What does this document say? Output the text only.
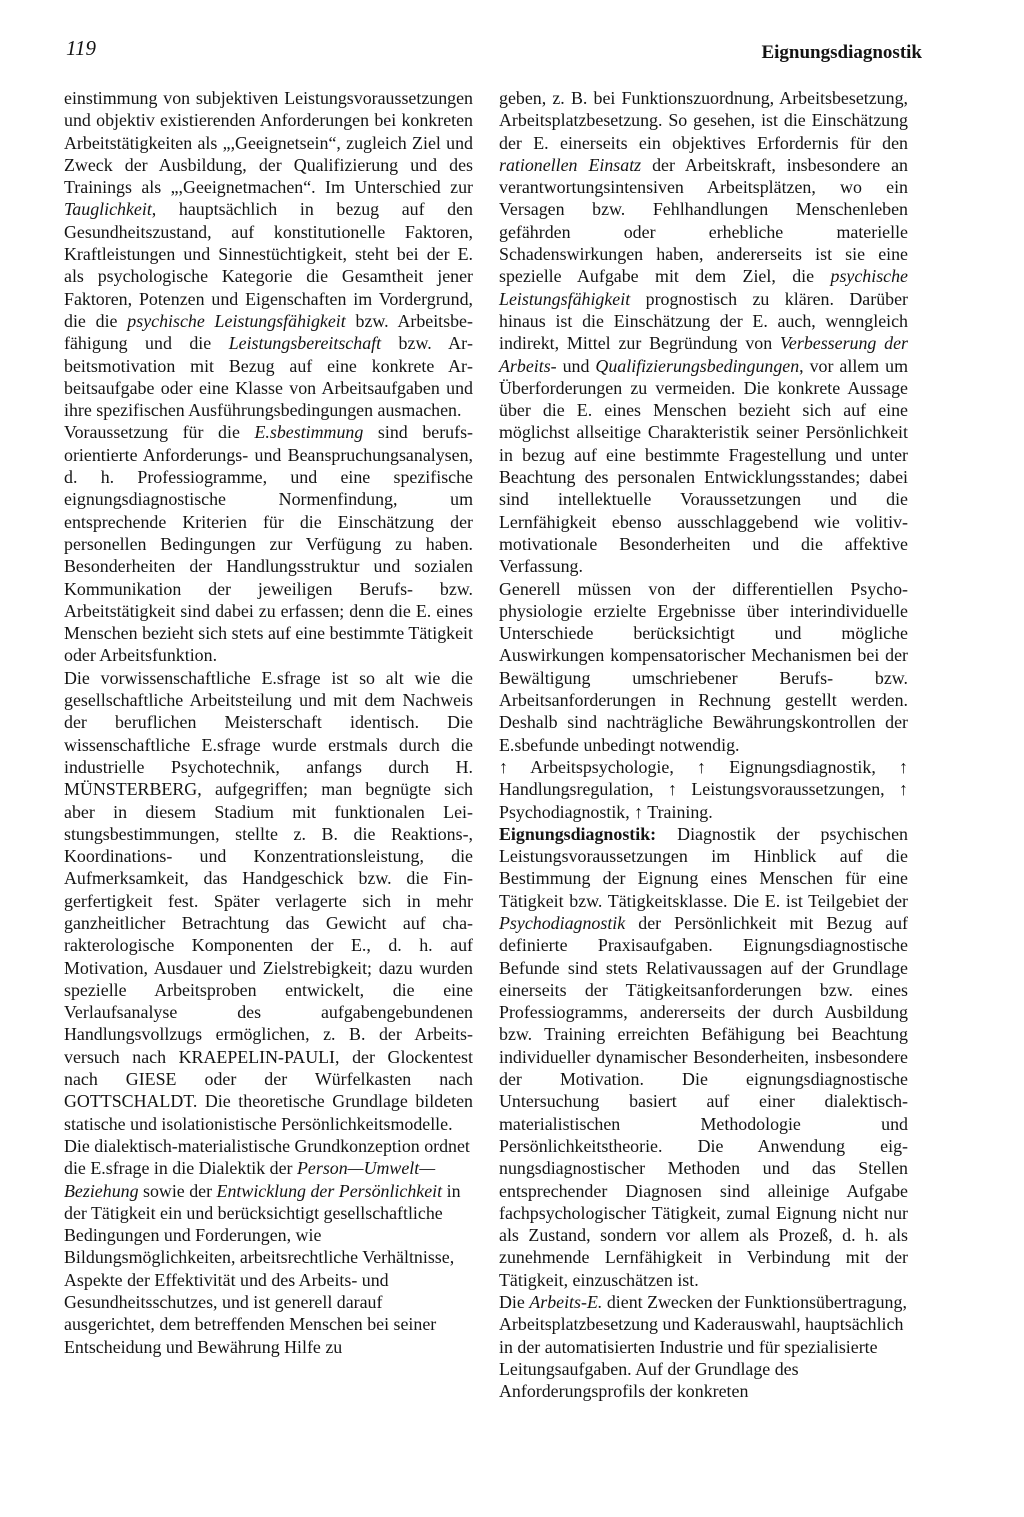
119	Eignungsdiagnostik

einstimmung von subjektiven Leistungsvoraussetzungen und objektiv existierenden Anforderungen bei konkreten Arbeitstätigkeiten als „,Geeignetsein“, zugleich Ziel und Zweck der Ausbildung, der Qualifizierung und des Trainings als „,Geeignetmachen“. Im Unterschied zur Tauglichkeit, hauptsächlich in bezug auf den Gesundheitszustand, auf konstitutionelle Faktoren, Kraftleistungen und Sinnestüchtigkeit, steht bei der E. als psychologische Kategorie die Gesamtheit jener Faktoren, Potenzen und Eigenschaften im Vordergrund, die die psychische Leistungsfähigkeit bzw. Arbeitsbefähigung und die Leistungsbereitschaft bzw. Arbeitsmotivation mit Bezug auf eine konkrete Arbeitsaufgabe oder eine Klasse von Arbeitsaufgaben und ihre spezifischen Ausführungsbedingungen ausmachen.

Voraussetzung für die E.sbestimmung sind berufsorientierte Anforderungs- und Beanspruchungsanalysen, d. h. Professiogramme, und eine spezifische eignungsdiagnostische Normenfindung, um entsprechende Kriterien für die Einschätzung der personellen Bedingungen zur Verfügung zu haben. Besonderheiten der Handlungsstruktur und sozialen Kommunikation der jeweiligen Berufs- bzw. Arbeitstätigkeit sind dabei zu erfassen; denn die E. eines Menschen bezieht sich stets auf eine bestimmte Tätigkeit oder Arbeitsfunktion.

Die vorwissenschaftliche E.sfrage ist so alt wie die gesellschaftliche Arbeitsteilung und mit dem Nachweis der beruflichen Meisterschaft identisch. Die wissenschaftliche E.sfrage wurde erstmals durch die industrielle Psychotechnik, anfangs durch H. MÜNSTERBERG, aufgegriffen; man begnügte sich aber in diesem Stadium mit funktionalen Leistungsbestimmungen, stellte z. B. die Reaktions-, Koordinations- und Konzentrationsleistung, die Aufmerksamkeit, das Handgeschick bzw. die Fingerfertigkeit fest. Später verlagerte sich in mehr ganzheitlicher Betrachtung das Gewicht auf charakterologische Komponenten der E., d. h. auf Motivation, Ausdauer und Zielstrebigkeit; dazu wurden spezielle Arbeitsproben entwickelt, die eine Verlaufsanalyse des aufgabengebundenen Handlungsvollzugs ermöglichen, z. B. der Arbeitsversuch nach KRAEPELIN-PAULI, der Glockentest nach GIESE oder der Würfelkasten nach GOTTSCHALDT. Die theoretische Grundlage bildeten statische und isolationistische Persönlichkeitsmodelle.

Die dialektisch-materialistische Grundkonzeption ordnet die E.sfrage in die Dialektik der Person—Umwelt—Beziehung sowie der Entwicklung der Persönlichkeit in der Tätigkeit ein und berücksichtigt gesellschaftliche Bedingungen und Forderungen, wie Bildungsmöglichkeiten, arbeitsrechtliche Verhältnisse, Aspekte der Effektivität und des Arbeits- und Gesundheitsschutzes, und ist generell darauf ausgerichtet, dem betreffenden Menschen bei seiner Entscheidung und Bewährung Hilfe zu

geben, z. B. bei Funktionszuordnung, Arbeitsbesetzung, Arbeitsplatzbesetzung. So gesehen, ist die Einschätzung der E. einerseits ein objektives Erfordernis für den rationellen Einsatz der Arbeitskraft, insbesondere an verantwortungsintensiven Arbeitsplätzen, wo ein Versagen bzw. Fehlhandlungen Menschenleben gefährden oder erhebliche materielle Schadenswirkungen haben, andererseits ist sie eine spezielle Aufgabe mit dem Ziel, die psychische Leistungsfähigkeit prognostisch zu klären. Darüber hinaus ist die Einschätzung der E. auch, wenngleich indirekt, Mittel zur Begründung von Verbesserung der Arbeits- und Qualifizierungsbedingungen, vor allem um Überforderungen zu vermeiden. Die konkrete Aussage über die E. eines Menschen bezieht sich auf eine möglichst allseitige Charakteristik seiner Persönlichkeit in bezug auf eine bestimmte Fragestellung und unter Beachtung des personalen Entwicklungsstandes; dabei sind intellektuelle Voraussetzungen und die Lernfähigkeit ebenso ausschlaggebend wie volitiv-motivationale Besonderheiten und die affektive Verfassung.

Generell müssen von der differentiellen Psychophysiologie erzielte Ergebnisse über interindividuelle Unterschiede berücksichtigt und mögliche Auswirkungen kompensatorischer Mechanismen bei der Bewältigung umschriebener Berufs- bzw. Arbeitsanforderungen in Rechnung gestellt werden. Deshalb sind nachträgliche Bewährungskontrollen der E.sbefunde unbedingt notwendig.

↑ Arbeitspsychologie, ↑ Eignungsdiagnostik, ↑ Handlungsregulation, ↑ Leistungsvoraussetzungen, ↑ Psychodiagnostik, ↑ Training.

Eignungsdiagnostik: Diagnostik der psychischen Leistungsvoraussetzungen im Hinblick auf die Bestimmung der Eignung eines Menschen für eine Tätigkeit bzw. Tätigkeitsklasse. Die E. ist Teilgebiet der Psychodiagnostik der Persönlichkeit mit Bezug auf definierte Praxisaufgaben. Eignungsdiagnostische Befunde sind stets Relativaussagen auf der Grundlage einerseits der Tätigkeitsanforderungen bzw. eines Professiogramms, andererseits der durch Ausbildung bzw. Training erreichten Befähigung bei Beachtung individueller dynamischer Besonderheiten, insbesondere der Motivation. Die eignungsdiagnostische Untersuchung basiert auf einer dialektisch-materialistischen Methodologie und Persönlichkeitstheorie. Die Anwendung eignungsdiagnostischer Methoden und das Stellen entsprechender Diagnosen sind alleinige Aufgabe fachpsychologischer Tätigkeit, zumal Eignung nicht nur als Zustand, sondern vor allem als Prozeß, d. h. als zunehmende Lernfähigkeit in Verbindung mit der Tätigkeit, einzuschätzen ist.

Die Arbeits-E. dient Zwecken der Funktionsübertragung, Arbeitsplatzbesetzung und Kaderauswahl, hauptsächlich in der automatisierten Industrie und für spezialisierte Leitungsaufgaben. Auf der Grundlage des Anforderungsprofils der konkreten
